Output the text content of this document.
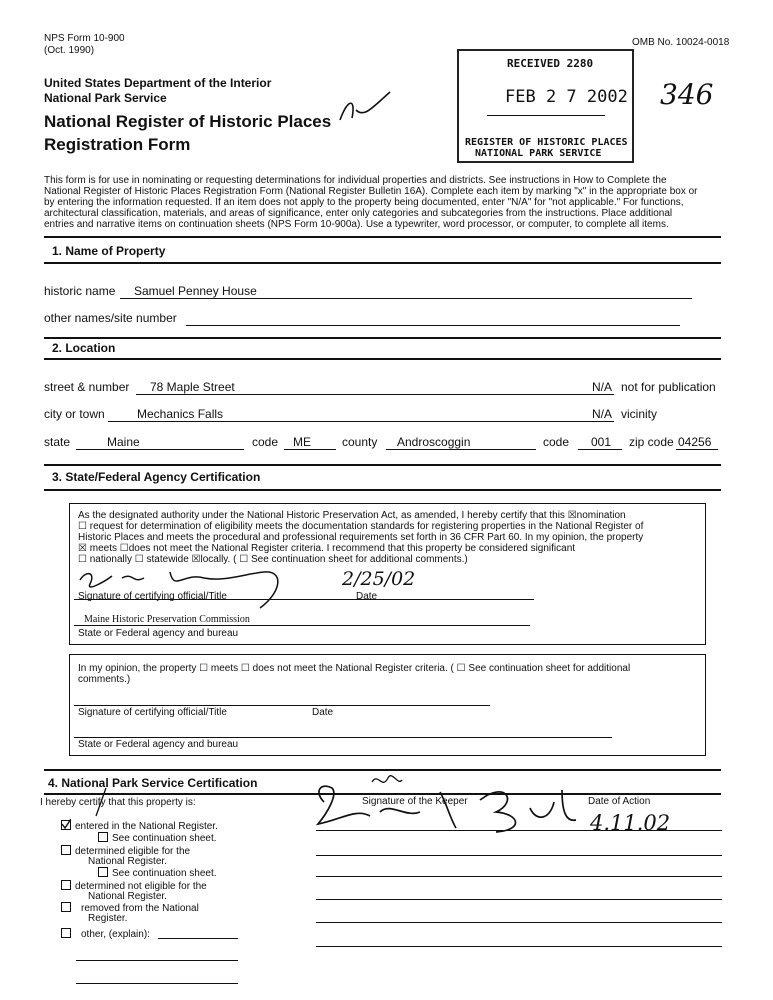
NPS Form 10-900
(Oct. 1990)
OMB No. 10024-0018
United States Department of the Interior
National Park Service
National Register of Historic Places
Registration Form
346
RECEIVED 2280
FEB 2 7 2002
REGISTER OF HISTORIC PLACES
NATIONAL PARK SERVICE
This form is for use in nominating or requesting determinations for individual properties and districts. See instructions in How to Complete the
National Register of Historic Places Registration Form (National Register Bulletin 16A). Complete each item by marking "x" in the appropriate box or
by entering the information requested. If an item does not apply to the property being documented, enter "N/A" for "not applicable." For functions,
architectural classification, materials, and areas of significance, enter only categories and subcategories from the instructions. Place additional
entries and narrative items on continuation sheets (NPS Form 10-900a). Use a typewriter, word processor, or computer, to complete all items.
1. Name of Property
historic name Samuel Penney House
other names/site number
2. Location
street & number 78 Maple Street	N/A not for publication
city or town	Mechanics Falls	N/A vicinity
state	Maine	code ME	county Androscoggin	code 001 zip code 04256
3. State/Federal Agency Certification
As the designated authority under the National Historic Preservation Act, as amended, I hereby certify that this ☒nomination
☐ request for determination of eligibility meets the documentation standards for registering properties in the National Register of
Historic Places and meets the procedural and professional requirements set forth in 36 CFR Part 60. In my opinion, the property
☒ meets ☐does not meet the National Register criteria. I recommend that this property be considered significant
☐ nationally ☐ statewide ☒locally. ( ☐ See continuation sheet for additional comments.)
2/25/02
Signature of certifying official/Title	Date
Maine Historic Preservation Commission
State or Federal agency and bureau
In my opinion, the property ☐ meets ☐ does not meet the National Register criteria. ( ☐ See continuation sheet for additional
comments.)
Signature of certifying official/Title	Date
State or Federal agency and bureau
4. National Park Service Certification
I hereby certify that this property is:	Signature of the Keeper	Date of Action
4.11.02
entered in the National Register.
See continuation sheet.
determined eligible for the
National Register.
See continuation sheet.
determined not eligible for the
National Register.
removed from the National
Register.
other, (explain):
